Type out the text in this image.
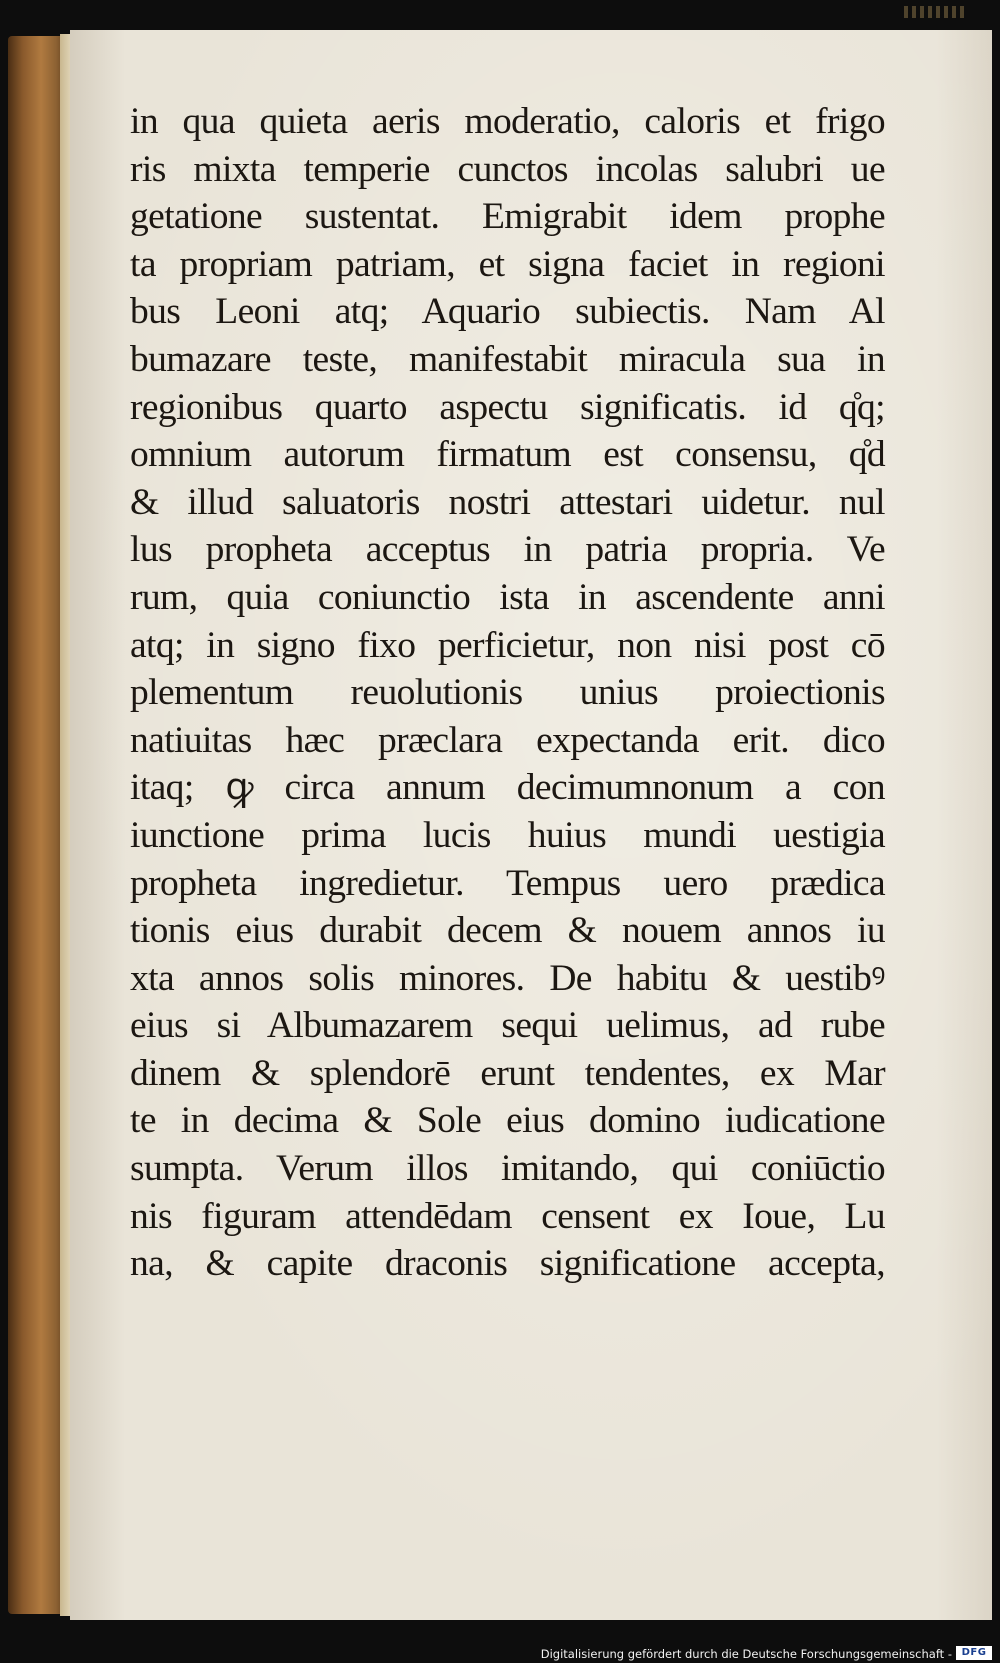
in qua quieta aeris moderatio, caloris et frigo
ris mixta temperie cunctos incolas salubri ue
getatione sustentat. Emigrabit idem prophe
ta propriam patriam, et signa faciet in regioni
bus Leoni atq; Aquario subiectis. Nam Al
bumazare teste, manifestabit miracula sua in
regionibus quarto aspectu significatis. id q̊q;
omnium autorum firmatum est consensu, q̊d
& illud saluatoris nostri attestari uidetur. nul
lus propheta acceptus in patria propria. Ve
rum, quia coniunctio ista in ascendente anni
atq; in signo fixo perficietur, non nisi post cō
plementum reuolutionis unius proiectionis
natiuitas hæc præclara expectanda erit. dico
itaq; ꝙ circa annum decimumnonum a con
iunctione prima lucis huius mundi uestigia
propheta ingredietur. Tempus uero prædica
tionis eius durabit decem & nouem annos iu
xta annos solis minores. De habitu & uestibꝰ
eius si Albumazarem sequi uelimus, ad rube
dinem & splendorē erunt tendentes, ex Mar
te in decima & Sole eius domino iudicatione
sumpta. Verum illos imitando, qui coniūctio
nis figuram attendēdam censent ex Ioue, Lu
na, & capite draconis significatione accepta,
Digitalisierung gefördert durch die Deutsche Forschungsgemeinschaft - DFG
